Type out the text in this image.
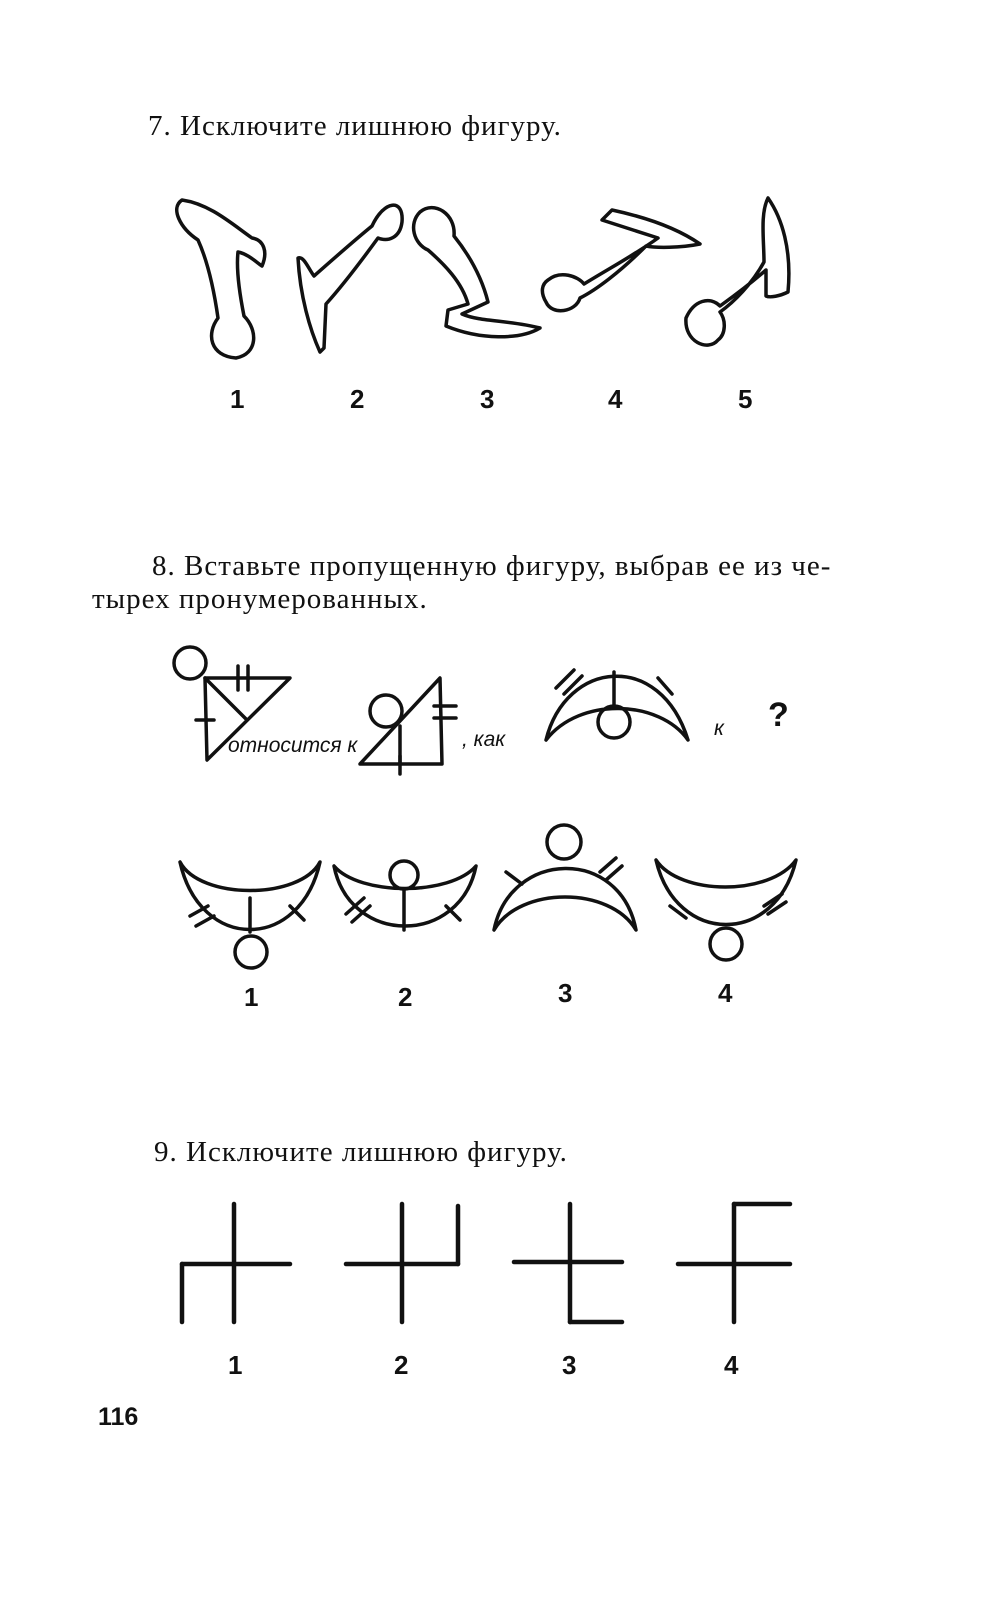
7. Исключите лишнюю фигуру.
1	2	3	4	5
8. Вставьте пропущенную фигуру, выбрав ее из че-
тырех пронумерованных.
относится к	, как	к ?
1	2	3	4
9. Исключите лишнюю фигуру.
1	2	3	4
116
